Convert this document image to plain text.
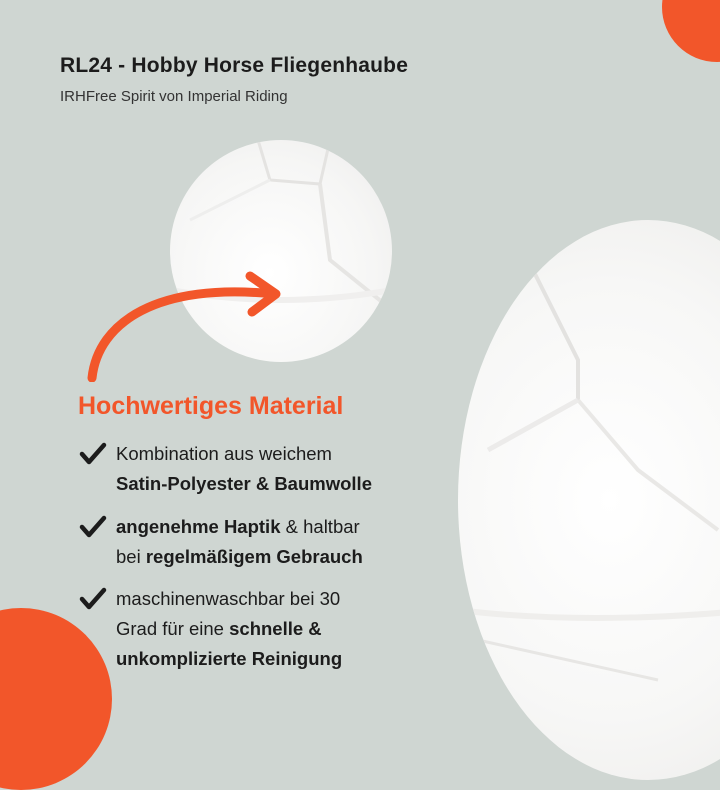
RL24 - Hobby Horse Fliegenhaube

IRHFree Spirit von Imperial Riding

Hochwertiges Material
Kombination aus weichem
Satin-Polyester & Baumwolle
angenehme Haptik & haltbar
bei regelmäßigem Gebrauch
maschinenwaschbar bei 30
Grad für eine schnelle &
unkomplizierte Reinigung
